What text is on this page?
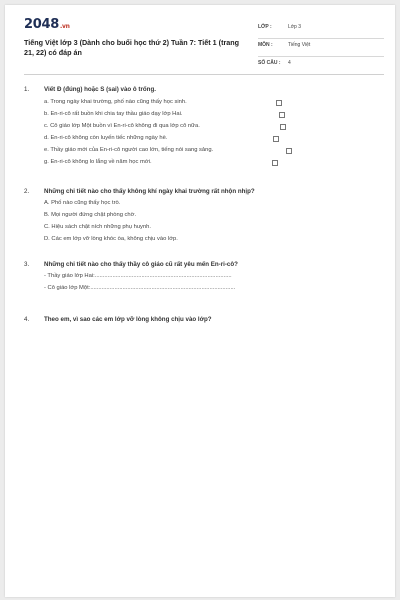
2048.vn
Tiếng Việt lớp 3 (Dành cho buổi học thứ 2) Tuần 7: Tiết 1 (trang 21, 22) có đáp án
LỚP :	Lớp 3
MÔN :	Tiếng Việt
SỐ CÂU : 4
1. Viết Đ (đúng) hoặc S (sai) vào ô trống.
a. Trong ngày khai trường, phố nào cũng thấy học sinh.
b. En-ri-cô rất buồn khi chia tay thầu giáo dạy lớp Hai.
c. Cô giáo lớp Một buồn vì En-ri-cô không đi qua lớp cô nữa.
d. En-ri-cô không còn luyến tiếc những ngày hè.
e. Thầy giáo mới của En-ri-cô người cao lớn, tiếng nói sang sảng.
g. En-ri-cô không lo lắng về năm học mới.
2. Những chi tiết nào cho thấy không khí ngày khai trường rất nhộn nhịp?
A. Phố nào cũng thấy học trò.
B. Mọi người đứng chật phòng chờ.
C. Hiệu sách chật ních những phụ huynh.
D. Các em lớp vỡ lòng khóc òa, không chịu vào lớp.
3. Những chi tiết nào cho thấy thầy cô giáo cũ rất yêu mến En-ri-cô?
- Thầy giáo lớp Hai:.....................................................................................
- Cô giáo lớp Một:..........................................................................................
4. Theo em, vì sao các em lớp vỡ lòng không chịu vào lớp?
